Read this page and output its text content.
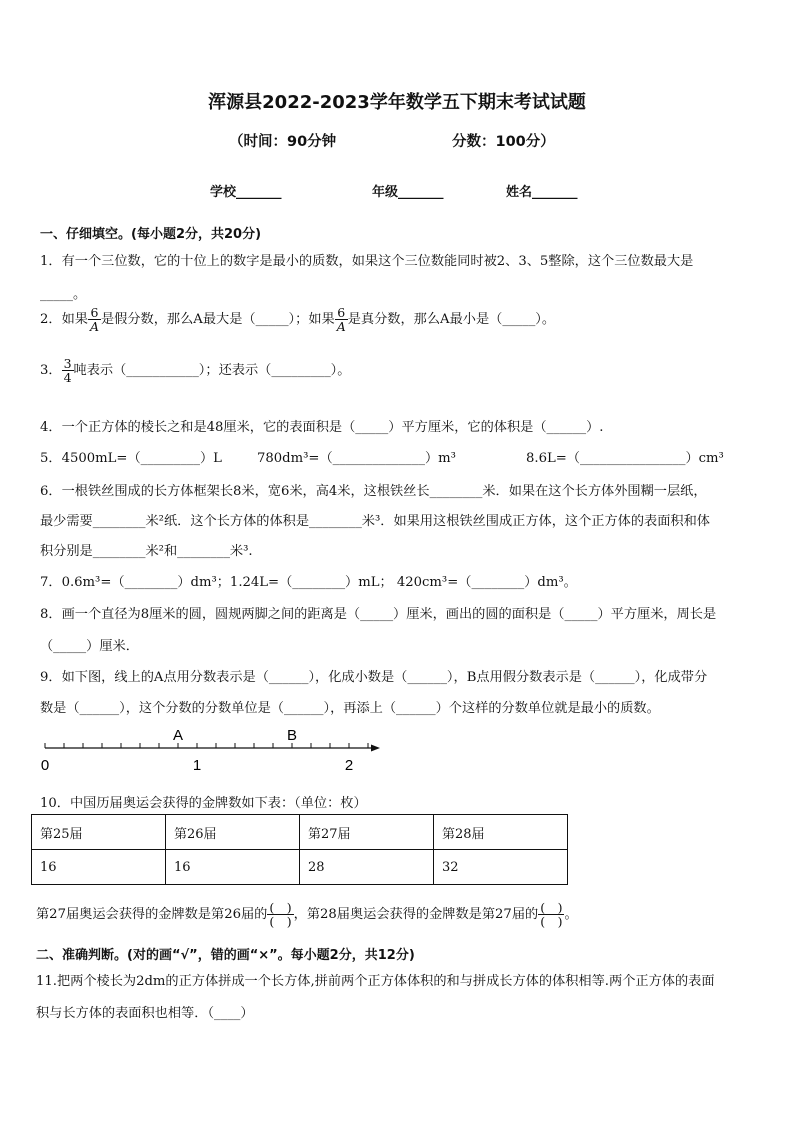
浑源县2022-2023学年数学五下期末考试试题
（时间：90分钟	分数：100分）
学校_______	年级_______	姓名_______
一、仔细填空。(每小题2分，共20分)
1．有一个三位数，它的十位上的数字是最小的质数，如果这个三位数能同时被2、3、5整除，这个三位数最大是
_____。
2．如果 $\frac{6}{A}$ 是假分数，那么A最大是（_____）；如果 $\frac{6}{A}$ 是真分数，那么A最小是（_____）。
3． $\frac{3}{4}$ 吨表示（___________）；还表示（_________）。
4．一个正方体的棱长之和是48厘米，它的表面积是（_____）平方厘米，它的体积是（______）.
5．4500mL=（_________）L	780dm³=（______________）m³	8.6L=（________________）cm³
6．一根铁丝围成的长方体框架长8米，宽6米，高4米，这根铁丝长________米．如果在这个长方体外围糊一层纸，
最少需要________米²纸．这个长方体的体积是________米³．如果用这根铁丝围成正方体，这个正方体的表面积和体
积分别是________米²和________米³.
7．0.6m³=（________）dm³；1.24L=（________）mL； 420cm³=（________）dm³。
8．画一个直径为8厘米的圆，圆规两脚之间的距离是（_____）厘米，画出的圆的面积是（_____）平方厘米，周长是
（_____）厘米．
9．如下图，线上的A点用分数表示是（______），化成小数是（______），B点用假分数表示是（______），化成带分
数是（______），这个分数的分数单位是（______），再添上（______）个这样的分数单位就是最小的质数。
0	1	2
A	B
10．中国历届奥运会获得的金牌数如下表：（单位：枚）
第25届	第26届	第27届	第28届
16	16	28	32
第27届奥运会获得的金牌数是第26届的 $\frac{( )}{( )}$ ，第28届奥运会获得的金牌数是第27届的 $\frac{( )}{( )}$ 。
二、准确判断。(对的画“√”，错的画“×”。每小题2分，共12分)
11.把两个棱长为2dm的正方体拼成一个长方体,拼前两个正方体体积的和与拼成长方体的体积相等.两个正方体的表面
积与长方体的表面积也相等．（____）
